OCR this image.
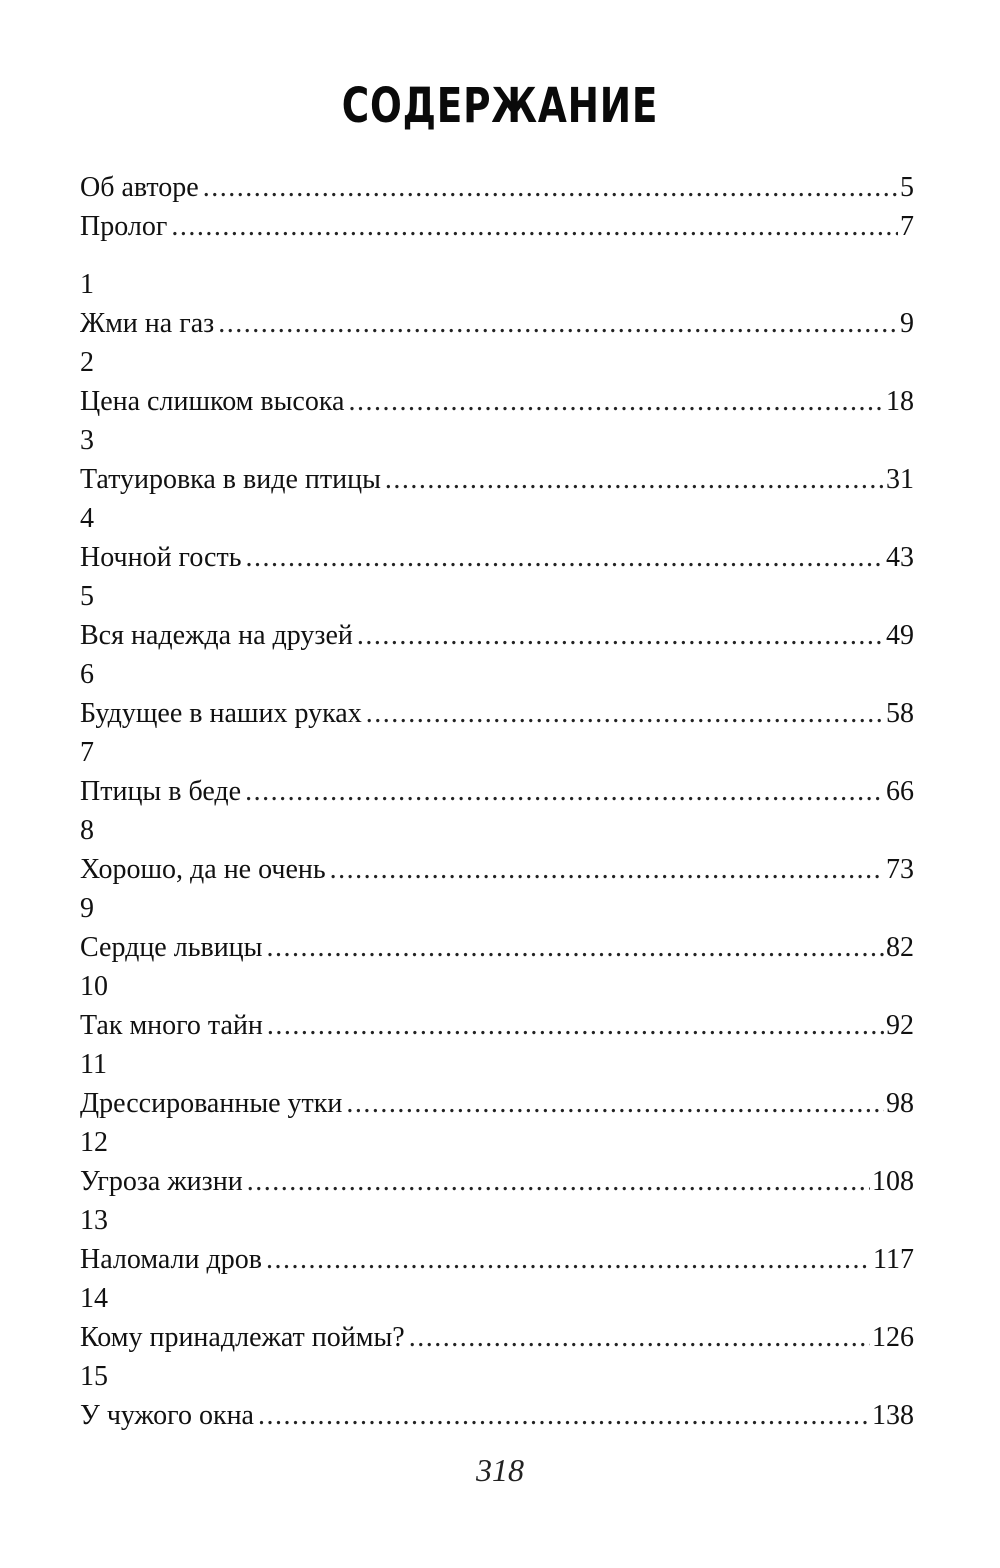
СОДЕРЖАНИЕ
Об авторе .....	5
Пролог .....	7
1
Жми на газ .....	9
2
Цена слишком высока .....	18
3
Татуировка в виде птицы .....	31
4
Ночной гость .....	43
5
Вся надежда на друзей .....	49
6
Будущее в наших руках .....	58
7
Птицы в беде .....	66
8
Хорошо, да не очень .....	73
9
Сердце львицы .....	82
10
Так много тайн .....	92
11
Дрессированные утки .....	98
12
Угроза жизни .....	108
13
Наломали дров .....	117
14
Кому принадлежат поймы? .....	126
15
У чужого окна .....	138
318
